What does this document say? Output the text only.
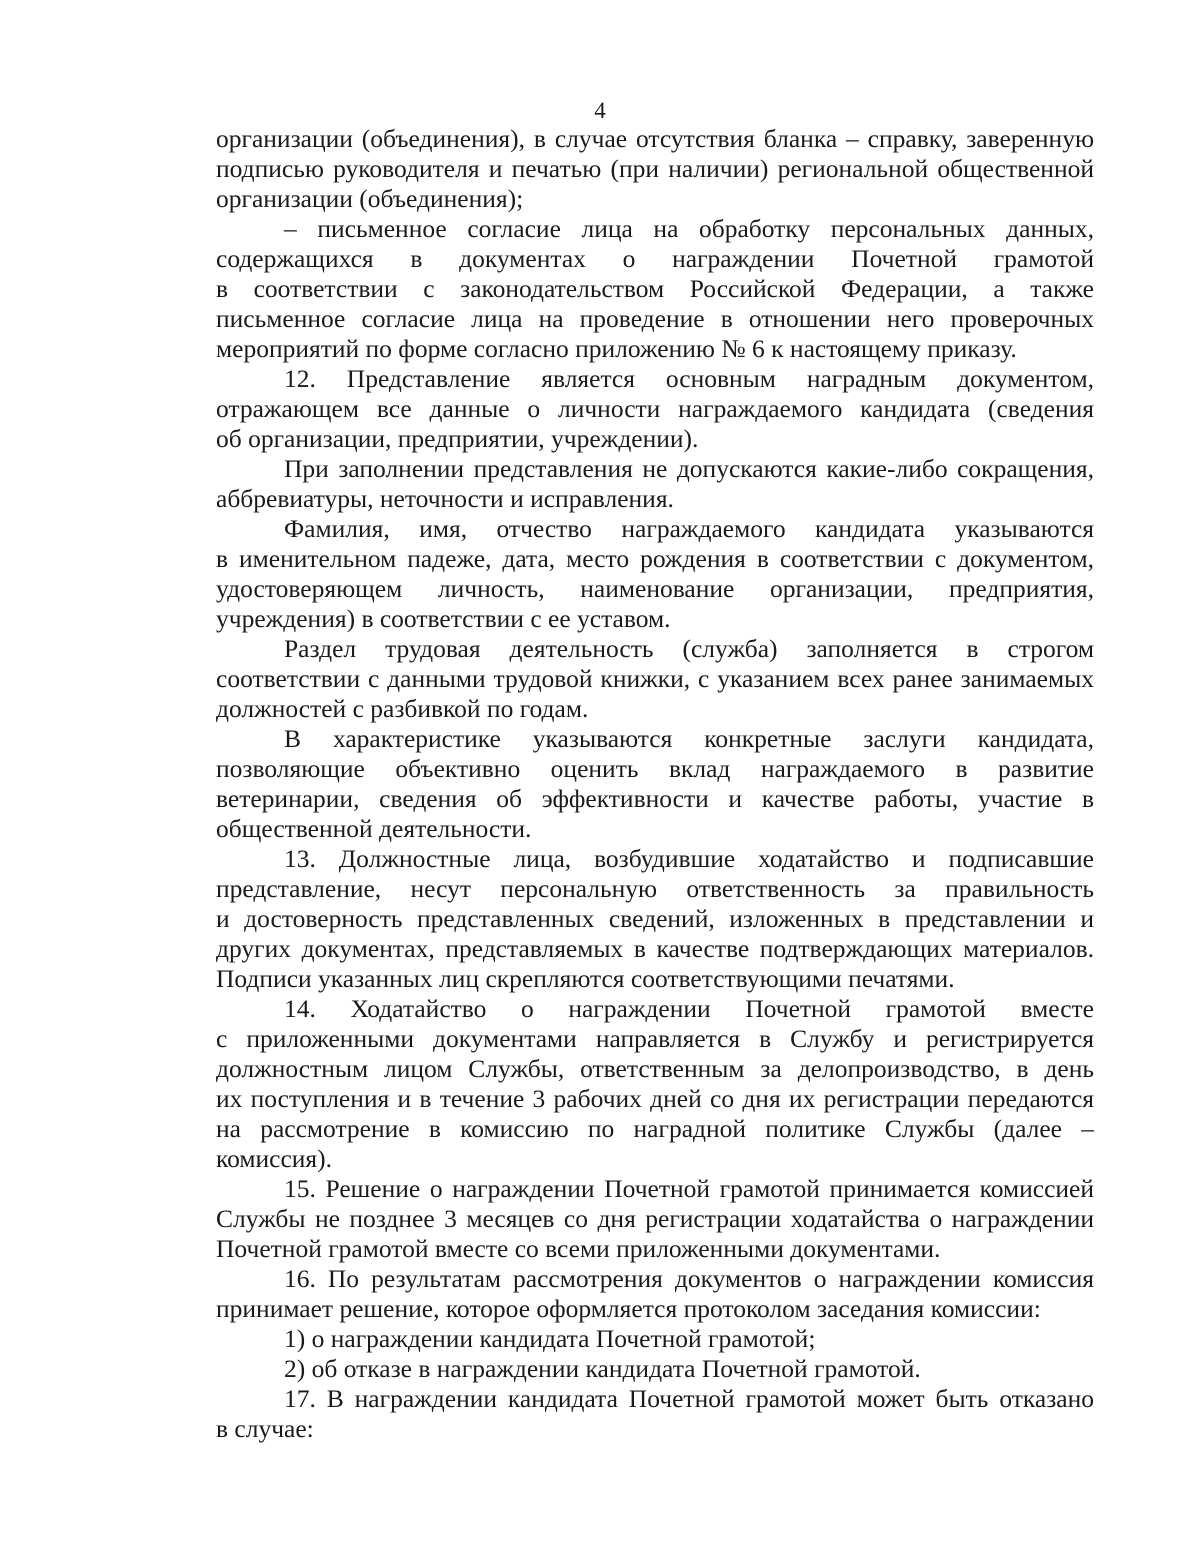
4

организации (объединения), в случае отсутствия бланка – справку, заверенную
подписью руководителя и печатью (при наличии) региональной общественной
организации (объединения);

– письменное согласие лица на обработку персональных данных,
содержащихся в документах о награждении Почетной грамотой
в соответствии с законодательством Российской Федерации, а также
письменное согласие лица на проведение в отношении него проверочных
мероприятий по форме согласно приложению № 6 к настоящему приказу.

12. Представление является основным наградным документом,
отражающем все данные о личности награждаемого кандидата (сведения
об организации, предприятии, учреждении).

При заполнении представления не допускаются какие-либо сокращения,
аббревиатуры, неточности и исправления.

Фамилия, имя, отчество награждаемого кандидата указываются
в именительном падеже, дата, место рождения в соответствии с документом,
удостоверяющем личность, наименование организации, предприятия,
учреждения) в соответствии с ее уставом.

Раздел трудовая деятельность (служба) заполняется в строгом
соответствии с данными трудовой книжки, с указанием всех ранее занимаемых
должностей с разбивкой по годам.

В характеристике указываются конкретные заслуги кандидата,
позволяющие объективно оценить вклад награждаемого в развитие
ветеринарии, сведения об эффективности и качестве работы, участие в
общественной деятельности.

13. Должностные лица, возбудившие ходатайство и подписавшие
представление, несут персональную ответственность за правильность
и достоверность представленных сведений, изложенных в представлении и
других документах, представляемых в качестве подтверждающих материалов.
Подписи указанных лиц скрепляются соответствующими печатями.

14. Ходатайство о награждении Почетной грамотой вместе
с приложенными документами направляется в Службу и регистрируется
должностным лицом Службы, ответственным за делопроизводство, в день
их поступления и в течение 3 рабочих дней со дня их регистрации передаются
на рассмотрение в комиссию по наградной политике Службы (далее –
комиссия).

15. Решение о награждении Почетной грамотой принимается комиссией
Службы не позднее 3 месяцев со дня регистрации ходатайства о награждении
Почетной грамотой вместе со всеми приложенными документами.

16. По результатам рассмотрения документов о награждении комиссия
принимает решение, которое оформляется протоколом заседания комиссии:

1) о награждении кандидата Почетной грамотой;

2) об отказе в награждении кандидата Почетной грамотой.

17. В награждении кандидата Почетной грамотой может быть отказано
в случае:
